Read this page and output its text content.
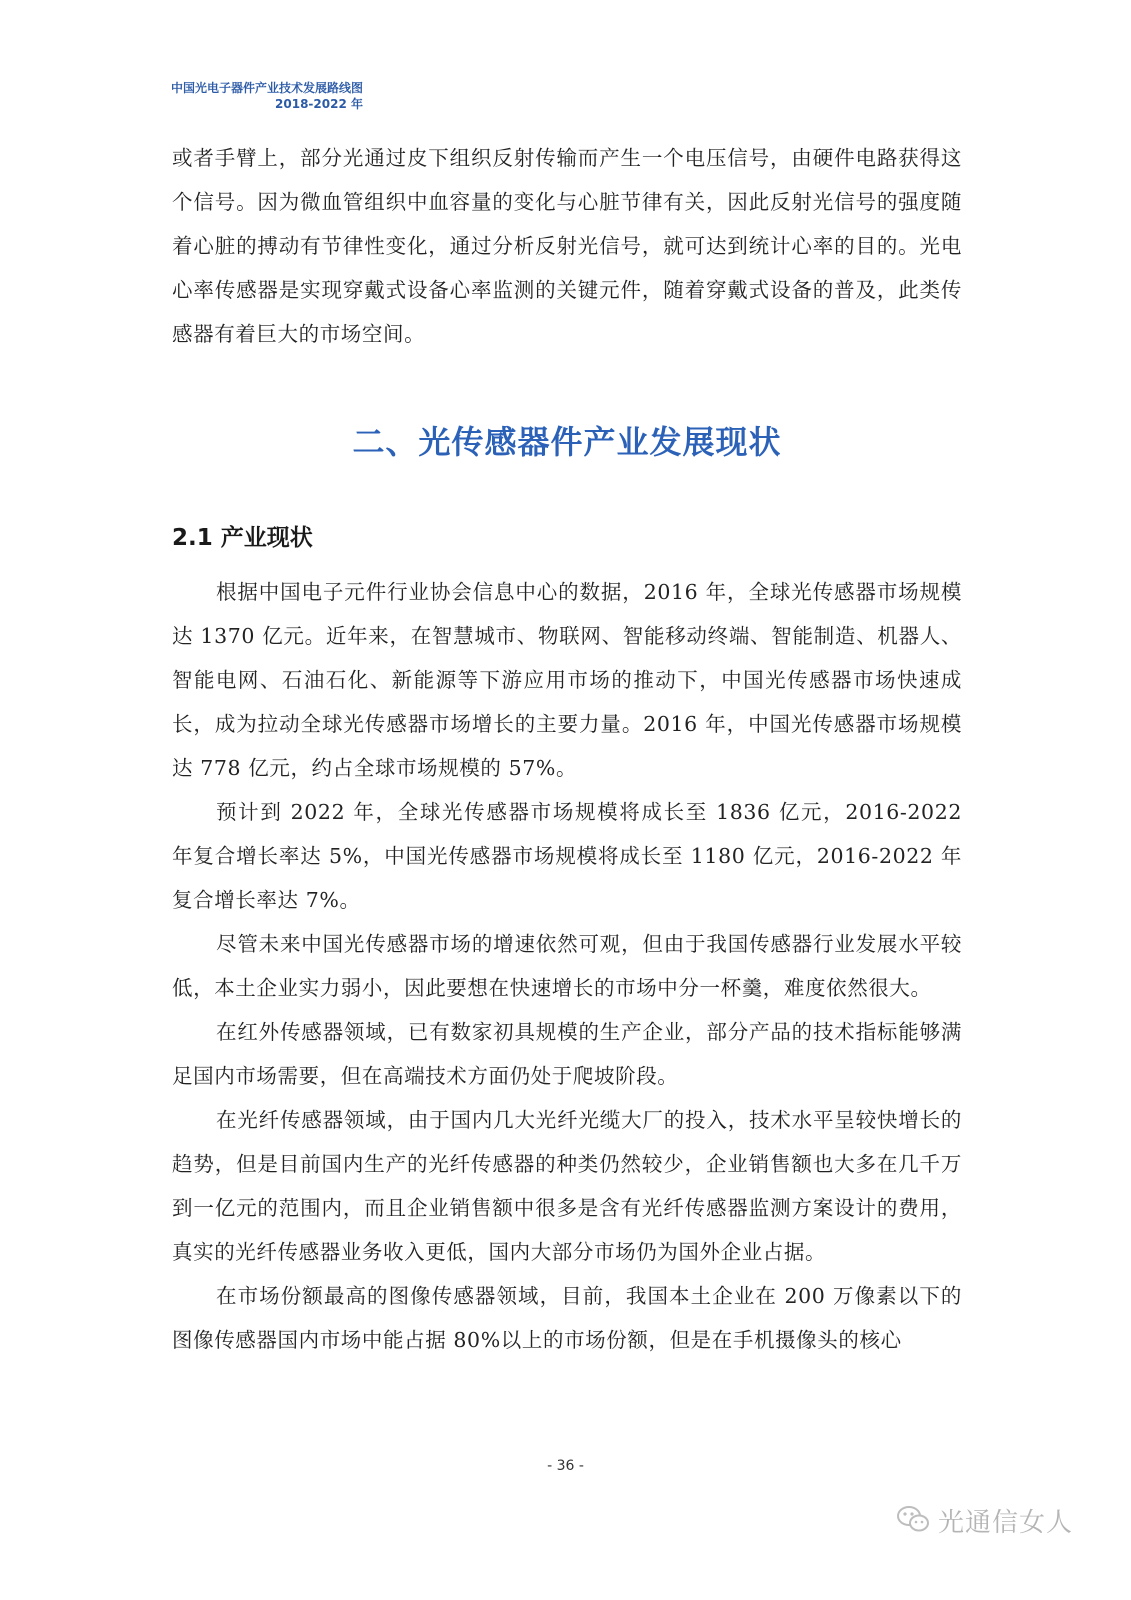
中国光电子器件产业技术发展路线图
2018-2022 年

或者手臂上，部分光通过皮下组织反射传输而产生一个电压信号，由硬件电路获得这个信号。因为微血管组织中血容量的变化与心脏节律有关，因此反射光信号的强度随着心脏的搏动有节律性变化，通过分析反射光信号，就可达到统计心率的目的。光电心率传感器是实现穿戴式设备心率监测的关键元件，随着穿戴式设备的普及，此类传感器有着巨大的市场空间。

二、光传感器件产业发展现状
2.1 产业现状

根据中国电子元件行业协会信息中心的数据，2016 年，全球光传感器市场规模达 1370 亿元。近年来，在智慧城市、物联网、智能移动终端、智能制造、机器人、智能电网、石油石化、新能源等下游应用市场的推动下，中国光传感器市场快速成长，成为拉动全球光传感器市场增长的主要力量。2016 年，中国光传感器市场规模达 778 亿元，约占全球市场规模的 57%。

预计到 2022 年，全球光传感器市场规模将成长至 1836 亿元，2016-2022 年复合增长率达 5%，中国光传感器市场规模将成长至 1180 亿元，2016-2022 年复合增长率达 7%。

尽管未来中国光传感器市场的增速依然可观，但由于我国传感器行业发展水平较低，本土企业实力弱小，因此要想在快速增长的市场中分一杯羹，难度依然很大。

在红外传感器领域，已有数家初具规模的生产企业，部分产品的技术指标能够满足国内市场需要，但在高端技术方面仍处于爬坡阶段。

在光纤传感器领域，由于国内几大光纤光缆大厂的投入，技术水平呈较快增长的趋势，但是目前国内生产的光纤传感器的种类仍然较少，企业销售额也大多在几千万到一亿元的范围内，而且企业销售额中很多是含有光纤传感器监测方案设计的费用，真实的光纤传感器业务收入更低，国内大部分市场仍为国外企业占据。

在市场份额最高的图像传感器领域，目前，我国本土企业在 200 万像素以下的图像传感器国内市场中能占据 80%以上的市场份额，但是在手机摄像头的核心

- 36 -
光通信女人
